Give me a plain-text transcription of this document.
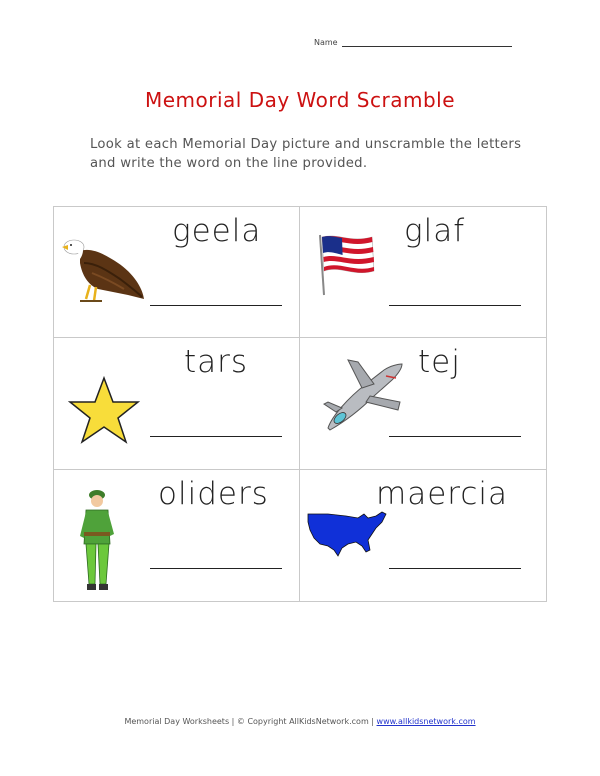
Name
Memorial Day Word Scramble
Look at each Memorial Day picture and unscramble the letters and write the word on the line provided.
geela	glaf
tars	tej
oliders	maercia
Memorial Day Worksheets | © Copyright AllKidsNetwork.com | www.allkidsnetwork.com
